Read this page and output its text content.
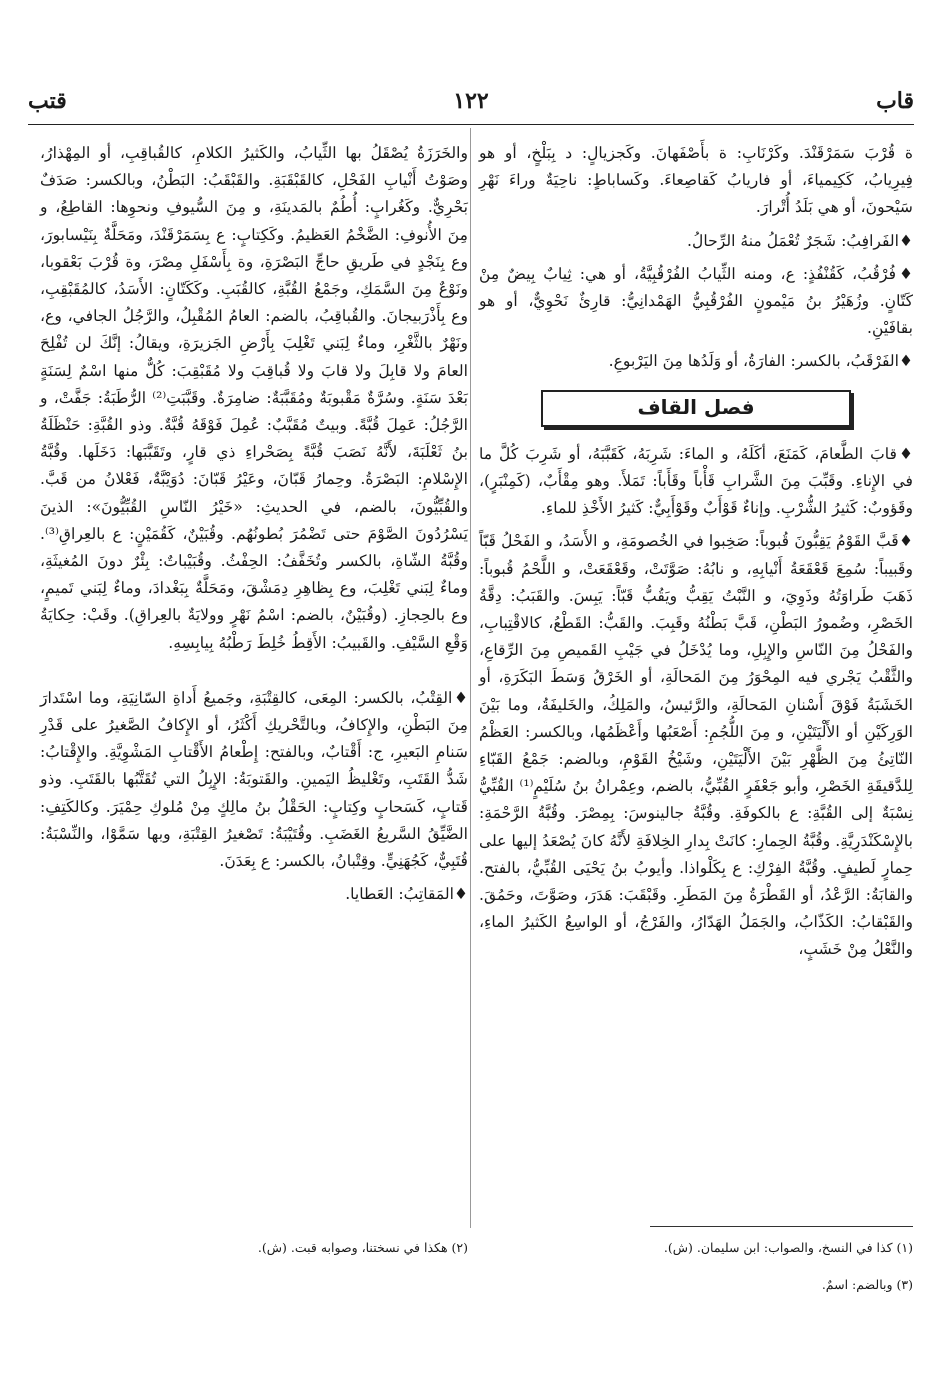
قاب
١٢٢
قتب

ة قُرْبَ سَمَرْقَنْدَ. وكَرْنَابِ: ة بأَصْفَهانَ. وكَجزيالٍ: د بِبَلْخٍ، أو هو فِيرِيابُ، كَكِيمياءَ، أو فاريابُ كَقاصِعاءَ. وكَساباطٍ: ناحِيَةٌ وراءَ نَهْرِ سَيْحونَ، أو هي بَلَدُ أُتْرارَ.

♦الفَرافِبُ: شَجَرٌ تُعْمَلُ منهُ الرِّحالُ.

♦فُرْقُبُ، كَقُنْفُذٍ: ع، ومنه الثِّيابُ الفُرْقُبِيَّةُ، أو هي: ثِيابٌ بِيضٌ مِنْ كَتّانٍ. وزُهَيْرُ بنُ مَيْمونٍ الفُرْقُبِيُّ الهَمْدانِيُّ: قارِئٌ نَحْوِيٌّ، أو هو بقافَيْنِ.

♦الفَرْقَبُ، بالكسر: الفارَةُ، أو وَلَدُها مِنَ اليَرْبوعِ.

فصل القاف

♦قابَ الطَّعامَ، كَمَنَعَ، أكَلَهُ، و الماءَ: شَرِبَهُ، كَقَبَّبَهُ، أو شَرِبَ كُلَّ ما في الإِناءِ. وقَبِّبَ مِنَ الشَّرابِ قَأْباً وقَأَباً: تَمَلأَ. وهو مِقْأَبٌ، (كَمِنْبَرٍ)، وقَؤوبٌ: كَثيرُ الشُّرْبِ. وإناءٌ قَوْأَبٌ وقَوْأَبِيٌّ: كَثيرُ الأَخْذِ للماءِ.

♦قَبَّ القَوْمُ يَقِبُّونَ قُبوباً: صَخِبوا في الخُصومَةِ، و الأَسَدُ، و الفَحْلُ قَبّاً وقَبيباً: سُمِعَ قَعْقَعَةُ أَنْيابِهِ، و نابُهُ: صَوَّتَتْ، وقَعْقَعَتْ، و اللَّحْمُ قُبوباً: ذَهَبَ طَراوَتُهُ وذَوِيَ، و النَّبْتُ يَقِبُّ ويَقُبُّ قَبّاً: يَبِسَ. والقَبَبُ: دِقَّةُ الخَصْرِ، وضُمورُ البَطْنِ، قَبَّ بَطْنُهُ وقَبِبَ. والقَبُّ: القَطْعُ، كالاقْتِبابِ، والفَحْلُ مِنَ النّاسِ والإِبِلِ، وما يُدْخَلُ في جَيْبِ القَميصِ مِنَ الرِّقاعِ، والثَّقْبُ يَجْري فيه المِحْوَرُ مِنَ المَحالَةِ، أو الخَرْقُ وَسَطَ البَكَرَةِ، أو الخَشَبَةُ فَوْقَ أَسْنانِ المَحالَةِ، والرَّئيسُ، والمَلِكُ، والخَليفَةُ، وما بَيْنَ الوَرِكَيْنِ أو الأَلْيَتَيْنِ، و مِنَ اللُّجُمِ: أَصْعَبُها وأَعْظَمُها، وبالكسر: العَظْمُ النّاتِئُ مِنَ الظَّهْرِ بَيْنَ الأَلْيَتَيْنِ، وشَيْخُ القَوْمِ، وبالضم: جَمْعُ القَبّاءِ لِلدَّقيقَةِ الخَصْرِ، وأبو جَعْفَرٍ القُبِّيُّ، بالضم، وعِمْرانُ بنُ سُلَيْمٍ⁽¹⁾ القُبِّيُّ نِسْبَةٌ إلى القُبَّةِ: ع بالكوفَةِ. وقُبَّةُ جالينوسَ: بِمِصْرَ. وقُبَّةُ الرَّحْمَةِ: بالإِسْكَنْدَرِيَّةِ. وقُبَّةُ الحِمارِ: كانَتْ بِدارِ الخِلافَةِ لأَنَّهُ كانَ يُصْعَدُ إليها على حِمارٍ لَطيفٍ. وقُبَّةُ الفِرْكِ: ع بِكَلْواذا. وأيوبُ بنُ يَحْيَى القُبِّيُّ، بالفتح. والقابَةُ: الرَّعْدُ، أو القَطْرَةُ مِنَ المَطَرِ. وقَبْقَبَ: هَدَرَ، وصَوَّتَ، وحَمُقَ. والقَبْقابُ: الكَذّابُ، والجَمَلُ الهَدّارُ، والفَرْجُ، أو الواسِعُ الكَثيرُ الماءِ، والنَّعْلُ مِنْ خَشَبٍ،

والخَرَزَةُ يُصْقَلُ بها الثِّيابُ، والكَثيرُ الكلامِ، كالقُباقِبِ، أو المِهْذارُ، وصَوْتُ أَنْيابِ الفَحْلِ، كالقَبْقَبَةِ. والقَبْقَبُ: البَطْنُ، وبالكسر: صَدَفٌ بَحْرِيٌّ. وكَغُرابٍ: أُطُمٌ بالمَدينَةِ، و مِنَ السُّيوفِ ونحوِها: القاطِعُ، و مِنَ الأُنوفِ: الضَّخْمُ العَظيمُ. وكَكِتابٍ: ع بِسَمَرْقَنْدَ، ومَحَلَّةٌ بِنَيْسابورَ، وع بِنَجْدٍ في طَريقِ حاجِّ البَصْرَةِ، وة بِأَسْفَلِ مِصْرَ، وة قُرْبَ بَعْقوبا، ونَوْعٌ مِنَ السَّمَكِ، وجَمْعُ القُبَّةِ، كالقُبَبِ. وكَكَتّانٍ: الأَسَدُ، كالمُقَبْقِبِ، وع بِأَذْرَبيجانَ. والقُباقِبُ، بالضم: العامُ المُقْبِلُ، والرَّجُلُ الجافي، وع، ونَهْرٌ بالثَّغْرِ، وماءٌ لِبَني تَغْلِبَ بِأَرْضِ الجَزيرَةِ، ويقالُ: إنَّكَ لن تُفْلِحَ العامَ ولا قابِلَ ولا قابَ ولا قُباقِبَ ولا مُقَبْقِبَ: كُلٌّ منها اسْمٌ لِسَنَةٍ بَعْدَ سَنَةٍ. وسُرَّةٌ مَقْبوبَةٌ ومُقَبَّبَةٌ: ضامِرَةٌ. وقَبَّبَتِ⁽²⁾ الرُّطَبَةُ: جَفَّتْ، و الرَّجُلُ: عَمِلَ قُبَّةً. وبيتٌ مُقَبَّبٌ: عُمِلَ فَوْقَهُ قُبَّةٌ. وذو القُبَّةِ: حَنْظَلَةُ بنُ ثَعْلَبَةَ، لأَنَّهُ نَصَبَ قُبَّةً بِصَحْراءِ ذي قارٍ، وتَقَبَّبَها: دَخَلَها. وقُبَّةُ الإِسْلامِ: البَصْرَةُ. وحِمارُ قَبّانَ، وعَيْرُ قَبّانَ: دُوَيْبَّةٌ، فَعْلانُ من قَبَّ. والقُبِّيُّونَ، بالضم، في الحديثِ: «خَيْرُ النّاسِ القُبِّيُّونَ»: الذينَ يَسْرُدُونَ الصَّوْمَ حتى تَضْمُرَ بُطونُهُم. وقُبَيْنٌ، كَقُمَيْنٍ: ع بالعِراقِ⁽³⁾. وقُبَّةُ الشّاةِ، بالكسر وتُخَفَّفُ: الحِفْثُ. وقُبَيْباتٌ: بِئْرٌ دونَ المُغيثَةِ، وماءٌ لِبَني تَغْلِبَ، وع بِظاهِرِ دِمَشْقَ، ومَحَلَّةٌ بِبَغْدادَ، وماءٌ لِبَني تَميمٍ، وع بالحِجازِ. (وقُبَيْنٌ، بالضم: اسْمُ نَهْرٍ وولايَةٌ بالعِراقِ). وقَبْ: حِكايَةُ وَقْعِ السَّيْفِ. والقَبيبُ: الأَقِطُ خُلِطَ رَطْبُهُ بِيابِسِهِ.

♦القِتْبُ، بالكسر: المِعَى، كالقِتْبَةِ، وجَميعُ أَداةِ السّانِيَةِ، وما اسْتَدارَ مِنَ البَطْنِ، والإِكافُ، وبالتَّحْريكِ أَكْثَرُ، أو الإِكافُ الصَّغيرُ على قَدْرِ سَنامِ البَعيرِ، ج: أَقْتابٌ، وبالفتح: إِطْعامُ الأَقْتابِ المَشْوِيَّةِ. والإِقْتابُ: شَدُّ القَتَبِ، وتَغْليظُ اليَمينِ. والقَتوبَةُ: الإِبِلُ التي تُقَتَّبُها بالقَتَبِ. وذو قَتابٍ، كَسَحابٍ وكِتابٍ: الحَقْلُ بنُ مالِكٍ مِنْ مُلوكِ حِمْيَرَ. وكالكَتِفِ: الضَّيِّقُ السَّريعُ الغَضَبِ. وقُتَيْبَةُ: تَصْغيرُ القِتْبَةِ، وبها سَمَّوْا، والنِّسْبَةُ: قُتَبِيٌّ، كَجُهَنِيٍّ. وقِتْبانُ، بالكسر: ع بِعَدَنَ.

♦المَقاتِبُ: العَطايا.

(١) كذا في النسخ، والصواب: ابن سليمان. (ش).
(٣) وبالضم: اسمٌ.
(٢) هكذا في نسختنا، وصوابه قبت. (ش).
